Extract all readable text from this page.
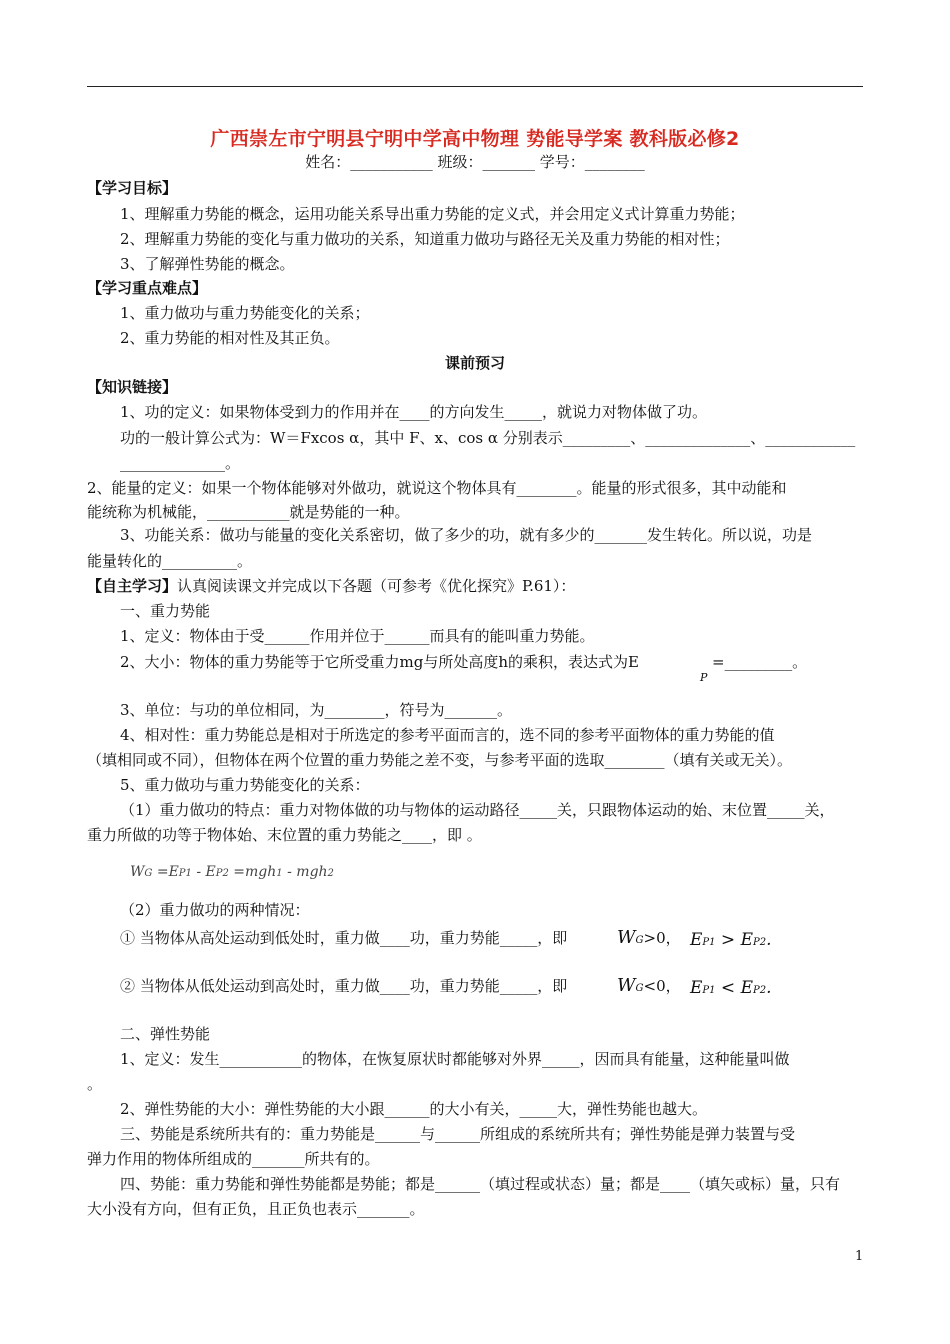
广西崇左市宁明县宁明中学高中物理 势能导学案 教科版必修2
姓名：___________ 班级：_______ 学号：________
【学习目标】
1、理解重力势能的概念，运用功能关系导出重力势能的定义式，并会用定义式计算重力势能；
2、理解重力势能的变化与重力做功的关系，知道重力做功与路径无关及重力势能的相对性；
3、了解弹性势能的概念。
【学习重点难点】
1、重力做功与重力势能变化的关系；
2、重力势能的相对性及其正负。
课前预习
【知识链接】
1、功的定义：如果物体受到力的作用并在____的方向发生_____，就说力对物体做了功。
功的一般计算公式为：W＝Fxcos α，其中 F、x、cos α 分别表示_________、______________、____________
______________。
2、能量的定义：如果一个物体能够对外做功，就说这个物体具有________。能量的形式很多，其中动能和
能统称为机械能，___________就是势能的一种。
3、功能关系：做功与能量的变化关系密切，做了多少的功，就有多少的_______发生转化。所以说，功是
能量转化的__________。
【自主学习】认真阅读课文并完成以下各题（可参考《优化探究》P.61）：
一、重力势能
1、定义：物体由于受______作用并位于______而具有的能叫重力势能。
2、大小：物体的重力势能等于它所受重力mg与所处高度h的乘积，表达式为E	=_________。
P
3、单位：与功的单位相同，为________，符号为_______。
4、相对性：重力势能总是相对于所选定的参考平面而言的，选不同的参考平面物体的重力势能的值
（填相同或不同），但物体在两个位置的重力势能之差不变，与参考平面的选取________（填有关或无关）。
5、重力做功与重力势能变化的关系：
（1）重力做功的特点：重力对物体做的功与物体的运动路径_____关，只跟物体运动的始、末位置_____关，
重力所做的功等于物体始、末位置的重力势能之____，即 。
WG =EP1 - EP2 =mgh1 - mgh2
（2）重力做功的两种情况：
① 当物体从高处运动到低处时，重力做____功，重力势能_____，即	WG>0， EP1 > EP2.
② 当物体从低处运动到高处时，重力做____功，重力势能_____，即	WG<0， EP1 < EP2.
二、弹性势能
1、定义：发生___________的物体，在恢复原状时都能够对外界_____，因而具有能量，这种能量叫做
。
2、弹性势能的大小：弹性势能的大小跟______的大小有关，_____大，弹性势能也越大。
三、势能是系统所共有的：重力势能是______与______所组成的系统所共有；弹性势能是弹力装置与受
弹力作用的物体所组成的_______所共有的。
四、势能：重力势能和弹性势能都是势能；都是______（填过程或状态）量；都是____（填矢或标）量，只有
大小没有方向，但有正负，且正负也表示_______。
1
